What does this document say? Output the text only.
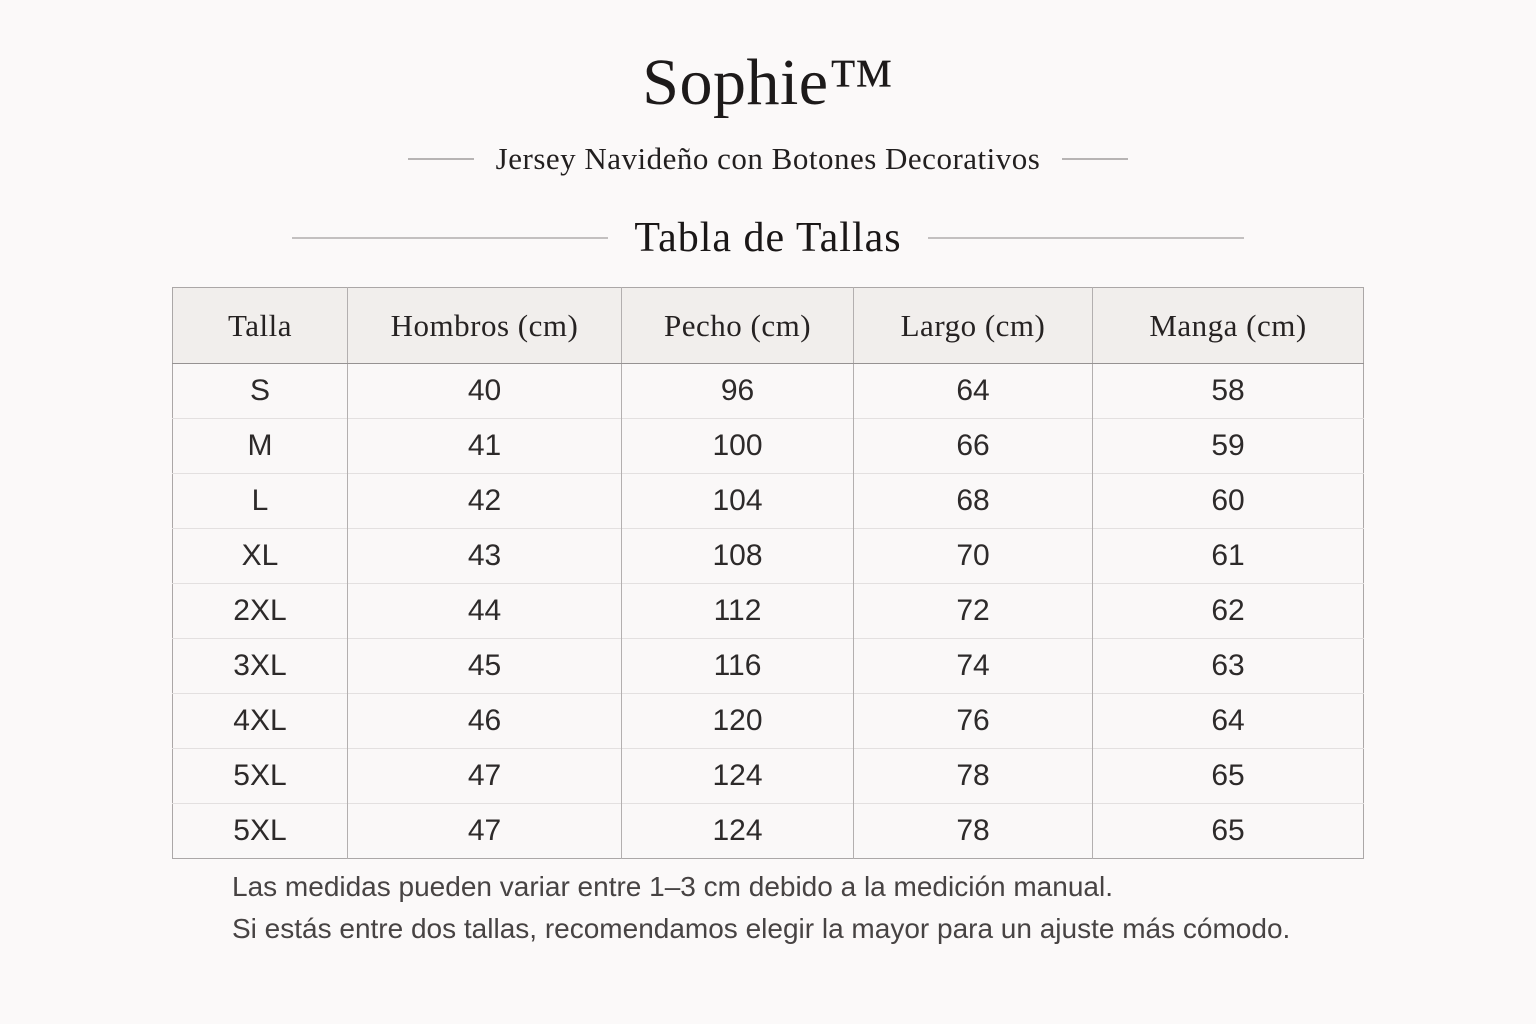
Sophie™
Jersey Navideño con Botones Decorativos
Tabla de Tallas
Talla	Hombros (cm)	Pecho (cm)	Largo (cm)	Manga (cm)
S	40	96	64	58
M	41	100	66	59
L	42	104	68	60
XL	43	108	70	61
2XL	44	112	72	62
3XL	45	116	74	63
4XL	46	120	76	64
5XL	47	124	78	65
5XL	47	124	78	65
Las medidas pueden variar entre 1–3 cm debido a la medición manual.
Si estás entre dos tallas, recomendamos elegir la mayor para un ajuste más cómodo.
